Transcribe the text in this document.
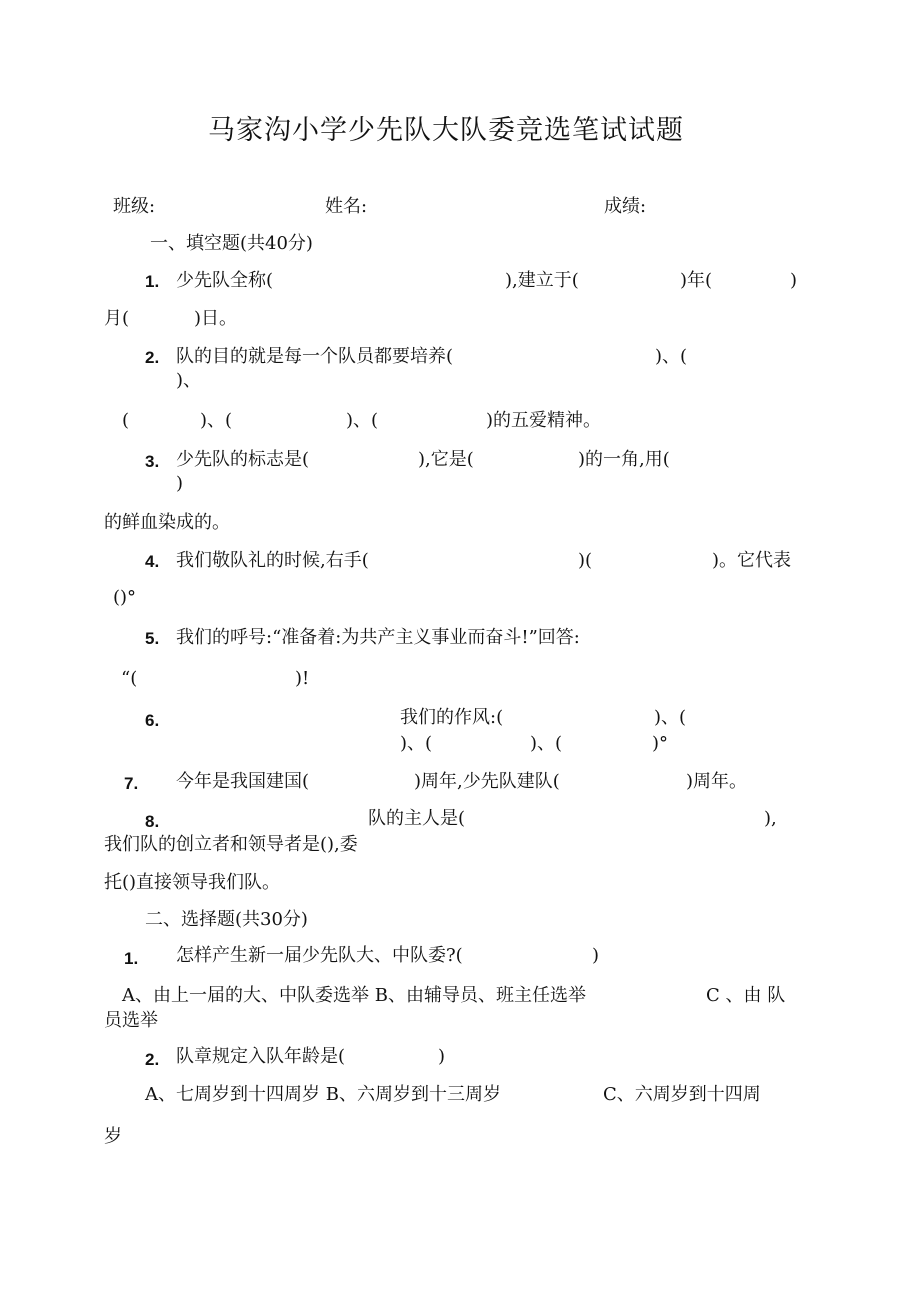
马家沟小学少先队大队委竞选笔试试题
班级:	姓名:	成绩:
一、填空题(共40分)
1. 少先队全称(	),建立于(	)年(	)
月(	)日。
2. 队的目的就是每一个队员都要培养(	)、(
)、
(	)、(	)、(	)的五爱精神。
3. 少先队的标志是(	),它是(	)的一角,用(
)
的鲜血染成的。
4. 我们敬队礼的时候,右手(	)(	)。它代表
()°
5. 我们的呼号:“准备着:为共产主义事业而奋斗!”回答:
“(	)!
6.	我们的作风:(	)、(
)、(	)、(	)°
7. 今年是我国建国(	)周年,少先队建队(	)周年。
8.	队的主人是(	),
我们队的创立者和领导者是(),委
托()直接领导我们队。
二、选择题(共30分)
1. 怎样产生新一届少先队大、中队委?(	)
A、由上一届的大、中队委选举 B、由辅导员、班主任选举	C 、由 队
员选举
2. 队章规定入队年龄是(	)
A、七周岁到十四周岁 B、六周岁到十三周岁	C、六周岁到十四周
岁
